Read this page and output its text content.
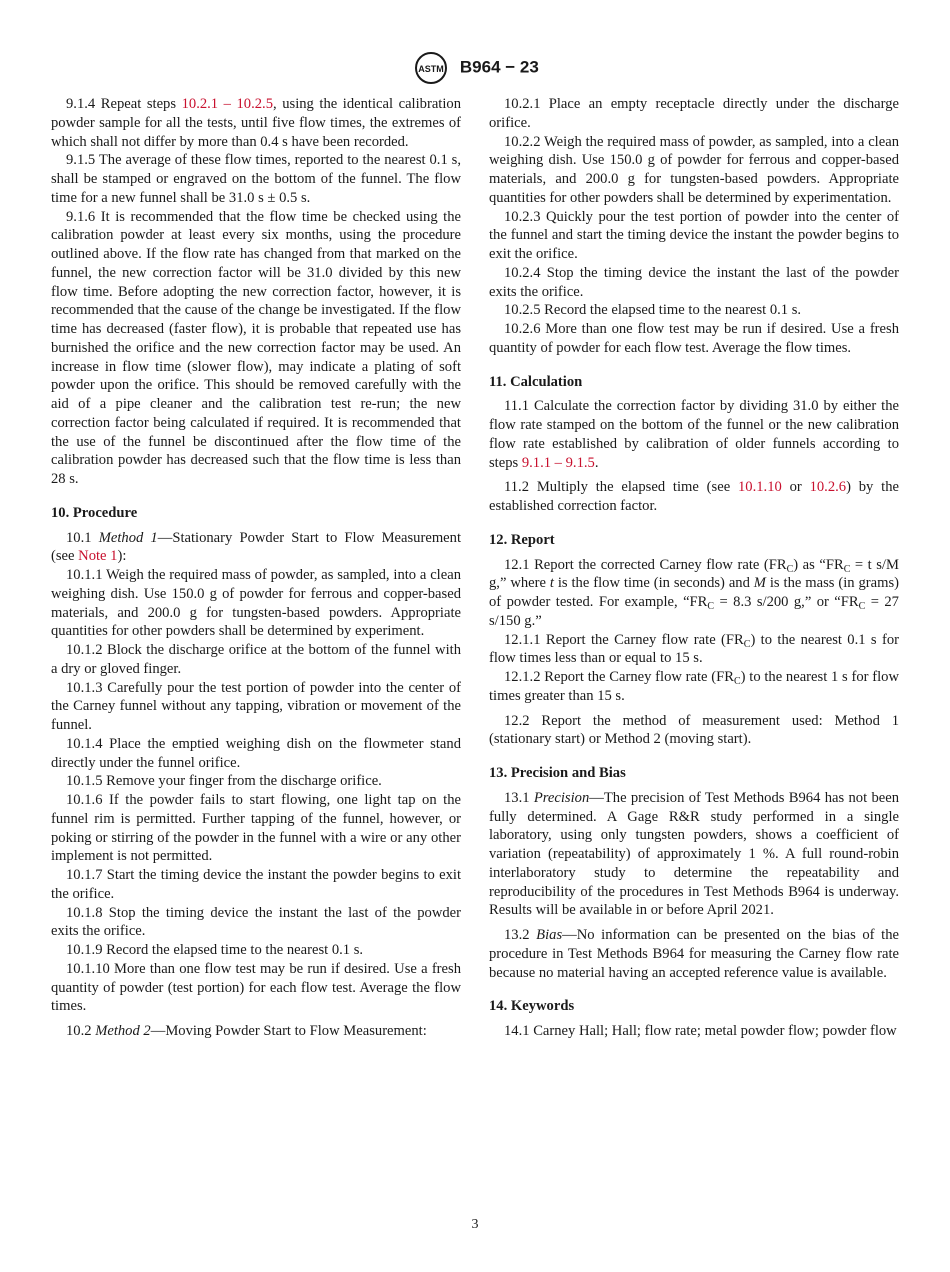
ASTM B964 − 23

9.1.4 Repeat steps 10.2.1 – 10.2.5, using the identical calibration powder sample for all the tests, until five flow times, the extremes of which shall not differ by more than 0.4 s have been recorded.

9.1.5 The average of these flow times, reported to the nearest 0.1 s, shall be stamped or engraved on the bottom of the funnel. The flow time for a new funnel shall be 31.0 s ± 0.5 s.

9.1.6 It is recommended that the flow time be checked using the calibration powder at least every six months, using the procedure outlined above. If the flow rate has changed from that marked on the funnel, the new correction factor will be 31.0 divided by this new flow time. Before adopting the new correction factor, however, it is recommended that the cause of the change be investigated. If the flow time has decreased (faster flow), it is probable that repeated use has burnished the orifice and the new correction factor may be used. An increase in flow time (slower flow), may indicate a plating of soft powder upon the orifice. This should be removed carefully with the aid of a pipe cleaner and the calibration test re-run; the new correction factor being calculated if required. It is recommended that the use of the funnel be discontinued after the flow time of the calibration powder has decreased such that the flow time is less than 28 s.

10. Procedure

10.1 Method 1—Stationary Powder Start to Flow Measurement (see Note 1):

10.1.1 Weigh the required mass of powder, as sampled, into a clean weighing dish. Use 150.0 g of powder for ferrous and copper-based materials, and 200.0 g for tungsten-based powders. Appropriate quantities for other powders shall be determined by experiment.

10.1.2 Block the discharge orifice at the bottom of the funnel with a dry or gloved finger.

10.1.3 Carefully pour the test portion of powder into the center of the Carney funnel without any tapping, vibration or movement of the funnel.

10.1.4 Place the emptied weighing dish on the flowmeter stand directly under the funnel orifice.

10.1.5 Remove your finger from the discharge orifice.

10.1.6 If the powder fails to start flowing, one light tap on the funnel rim is permitted. Further tapping of the funnel, however, or poking or stirring of the powder in the funnel with a wire or any other implement is not permitted.

10.1.7 Start the timing device the instant the powder begins to exit the orifice.

10.1.8 Stop the timing device the instant the last of the powder exits the orifice.

10.1.9 Record the elapsed time to the nearest 0.1 s.

10.1.10 More than one flow test may be run if desired. Use a fresh quantity of powder (test portion) for each flow test. Average the flow times.

10.2 Method 2—Moving Powder Start to Flow Measurement:

10.2.1 Place an empty receptacle directly under the discharge orifice.

10.2.2 Weigh the required mass of powder, as sampled, into a clean weighing dish. Use 150.0 g of powder for ferrous and copper-based materials, and 200.0 g for tungsten-based powders. Appropriate quantities for other powders shall be determined by experimentation.

10.2.3 Quickly pour the test portion of powder into the center of the funnel and start the timing device the instant the powder begins to exit the orifice.

10.2.4 Stop the timing device the instant the last of the powder exits the orifice.

10.2.5 Record the elapsed time to the nearest 0.1 s.

10.2.6 More than one flow test may be run if desired. Use a fresh quantity of powder for each flow test. Average the flow times.

11. Calculation

11.1 Calculate the correction factor by dividing 31.0 by either the flow rate stamped on the bottom of the funnel or the new calibration flow rate established by calibration of older funnels according to steps 9.1.1 – 9.1.5.

11.2 Multiply the elapsed time (see 10.1.10 or 10.2.6) by the established correction factor.

12. Report

12.1 Report the corrected Carney flow rate $(FR_C)$ as “$FR_C = t$ s/M g,” where t is the flow time (in seconds) and M is the mass (in grams) of powder tested. For example, “$FR_C = 8.3$ s/200 g,” or “$FR_C = 27$ s/150 g.”

12.1.1 Report the Carney flow rate $(FR_C)$ to the nearest 0.1 s for flow times less than or equal to 15 s.

12.1.2 Report the Carney flow rate $(FR_C)$ to the nearest 1 s for flow times greater than 15 s.

12.2 Report the method of measurement used: Method 1 (stationary start) or Method 2 (moving start).

13. Precision and Bias

13.1 Precision—The precision of Test Methods B964 has not been fully determined. A Gage R&R study performed in a single laboratory, using only tungsten powders, shows a coefficient of variation (repeatability) of approximately 1 %. A full round-robin interlaboratory study to determine the repeatability and reproducibility of the procedures in Test Methods B964 is underway. Results will be available in or before April 2021.

13.2 Bias—No information can be presented on the bias of the procedure in Test Methods B964 for measuring the Carney flow rate because no material having an accepted reference value is available.

14. Keywords

14.1 Carney Hall; Hall; flow rate; metal powder flow; powder flow

3
